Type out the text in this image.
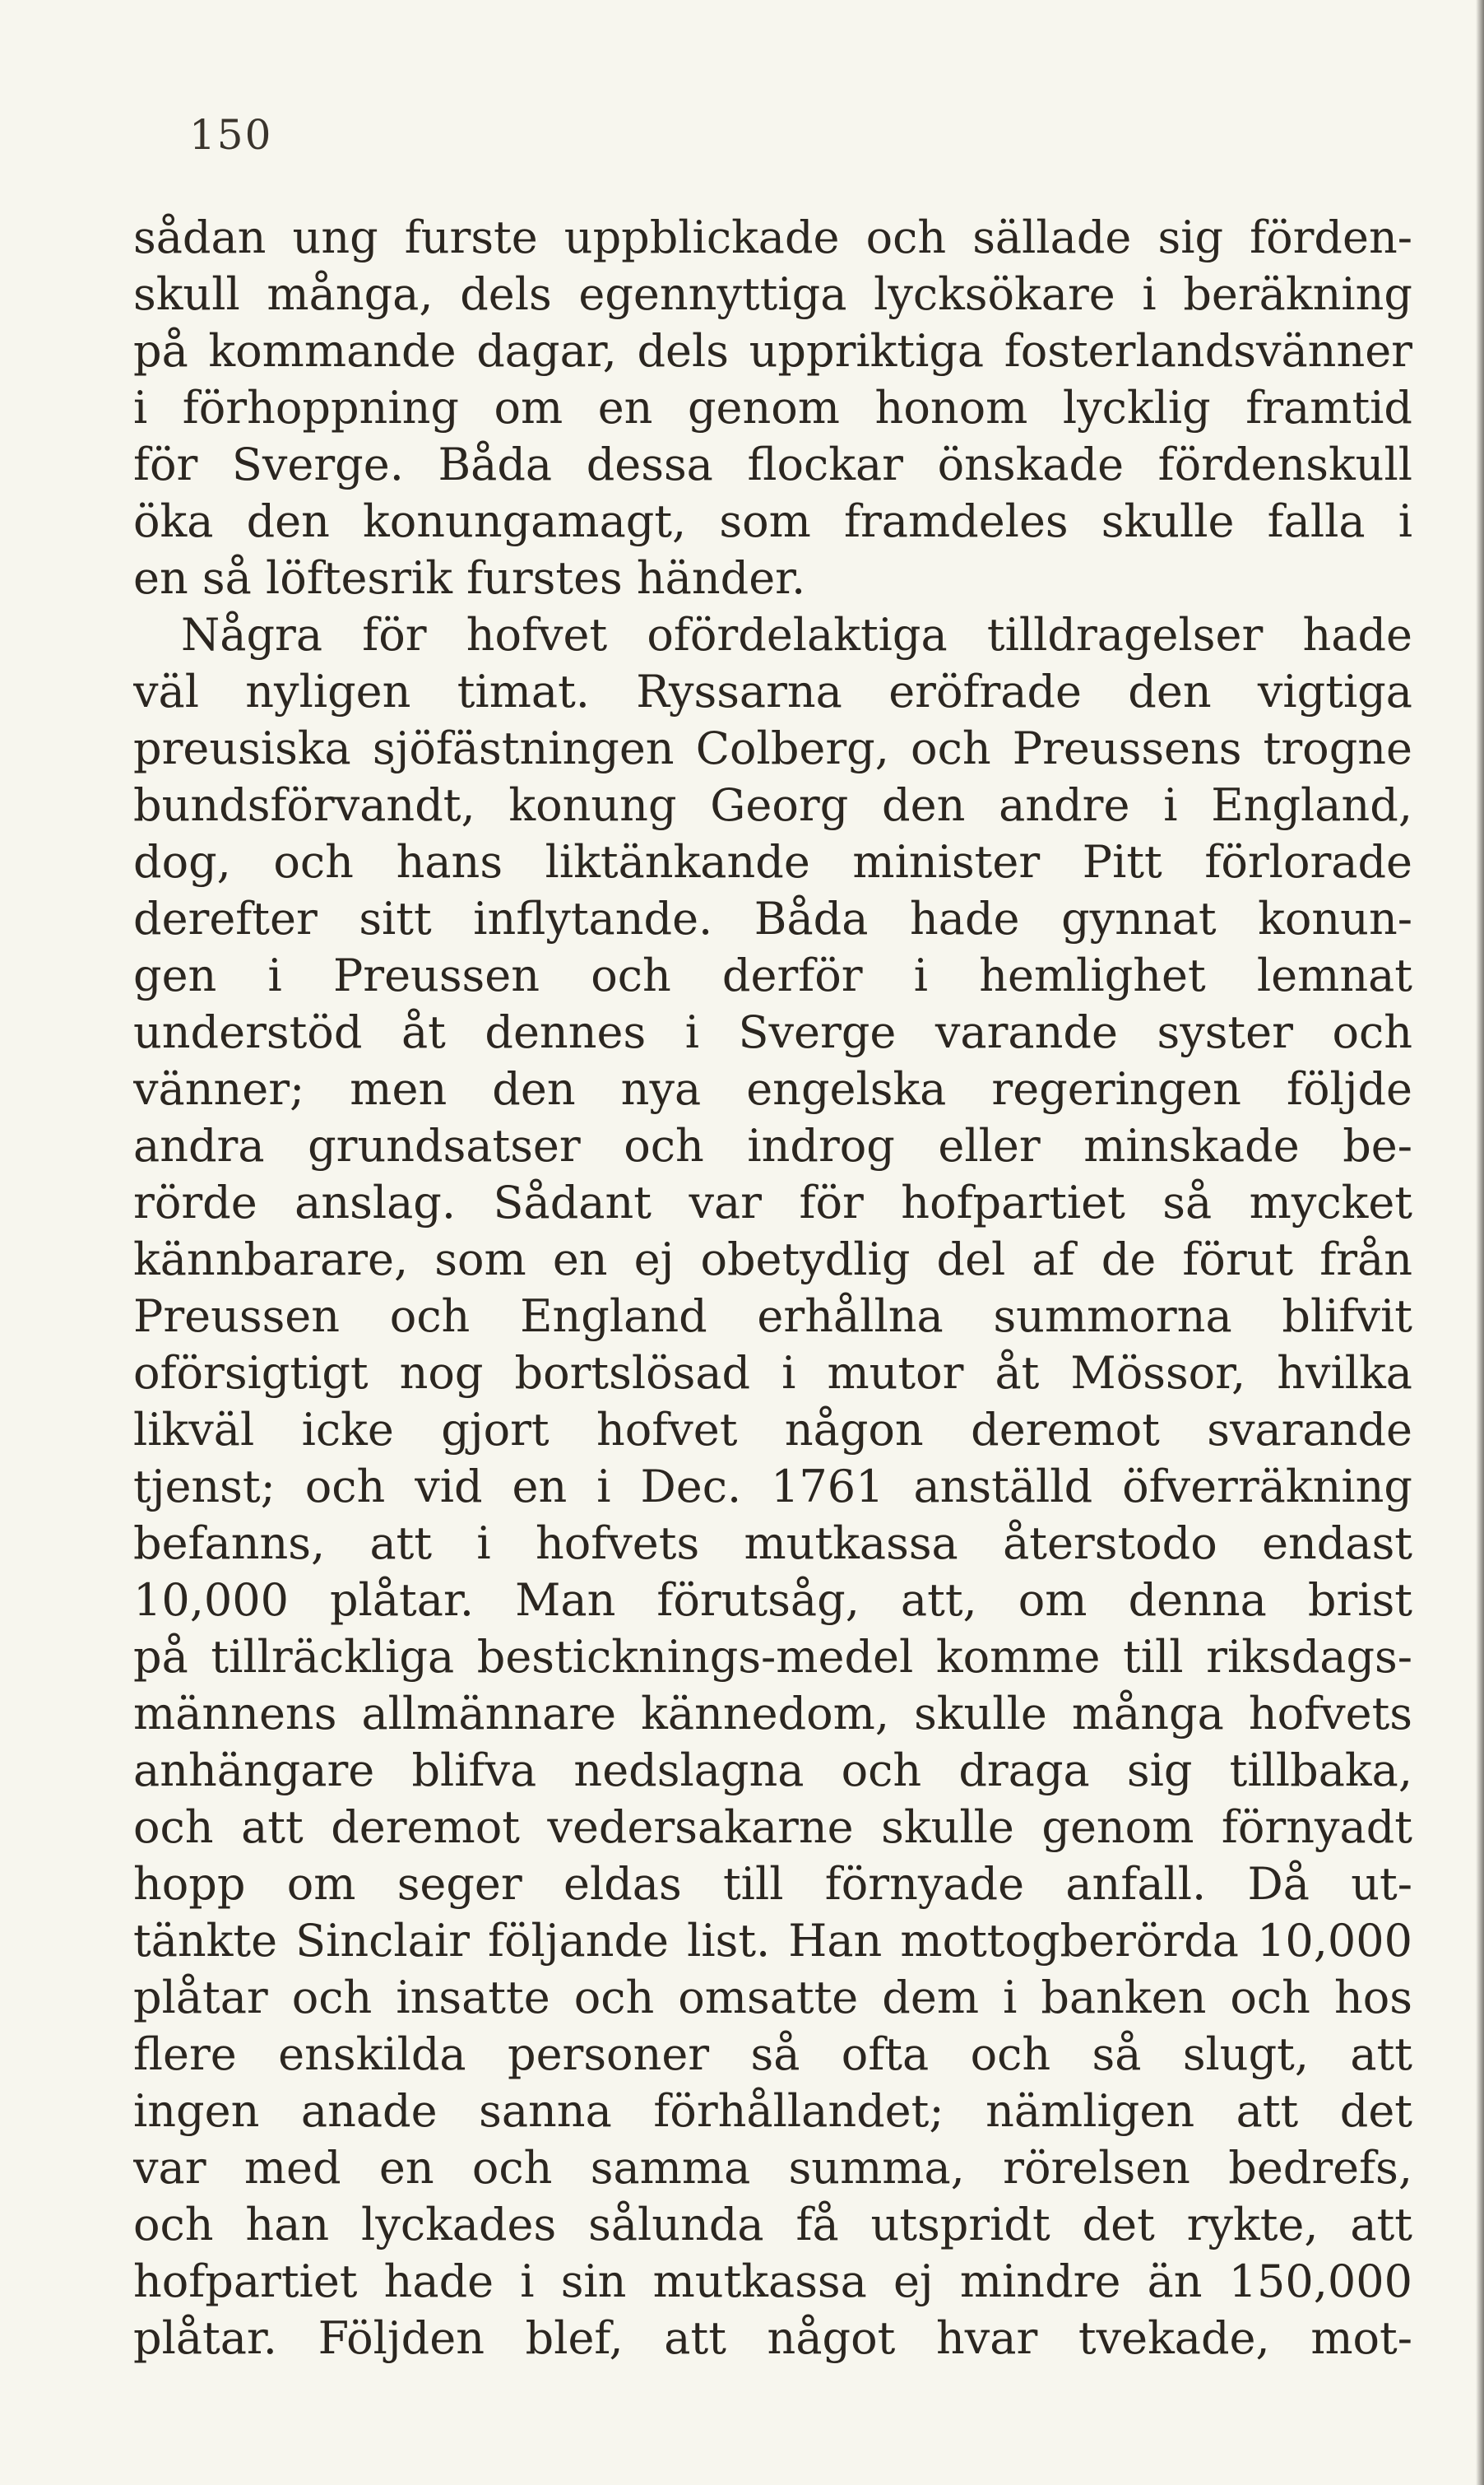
150
sådan ung furste uppblickade och sällade sig förden-
skull många, dels egennyttiga lycksökare i beräkning
på kommande dagar, dels uppriktiga fosterlandsvänner
i förhoppning om en genom honom lycklig framtid
för Sverge. Båda dessa flockar önskade fördenskull
öka den konungamagt, som framdeles skulle falla i
en så löftesrik furstes händer.
Några för hofvet ofördelaktiga tilldragelser hade
väl nyligen timat. Ryssarna eröfrade den vigtiga
preusiska sjöfästningen Colberg, och Preussens trogne
bundsförvandt, konung Georg den andre i England,
dog, och hans liktänkande minister Pitt förlorade
derefter sitt inflytande. Båda hade gynnat konun-
gen i Preussen och derför i hemlighet lemnat
understöd åt dennes i Sverge varande syster och
vänner; men den nya engelska regeringen följde
andra grundsatser och indrog eller minskade be-
rörde anslag. Sådant var för hofpartiet så mycket
kännbarare, som en ej obetydlig del af de förut från
Preussen och England erhållna summorna blifvit
oförsigtigt nog bortslösad i mutor åt Mössor, hvilka
likväl icke gjort hofvet någon deremot svarande
tjenst; och vid en i Dec. 1761 anställd öfverräkning
befanns, att i hofvets mutkassa återstodo endast
10,000 plåtar. Man förutsåg, att, om denna brist
på tillräckliga besticknings-medel komme till riksdags-
männens allmännare kännedom, skulle många hofvets
anhängare blifva nedslagna och draga sig tillbaka,
och att deremot vedersakarne skulle genom förnyadt
hopp om seger eldas till förnyade anfall. Då ut-
tänkte Sinclair följande list. Han mottogberörda 10,000
plåtar och insatte och omsatte dem i banken och hos
flere enskilda personer så ofta och så slugt, att
ingen anade sanna förhållandet; nämligen att det
var med en och samma summa, rörelsen bedrefs,
och han lyckades sålunda få utspridt det rykte, att
hofpartiet hade i sin mutkassa ej mindre än 150,000
plåtar. Följden blef, att något hvar tvekade, mot-
